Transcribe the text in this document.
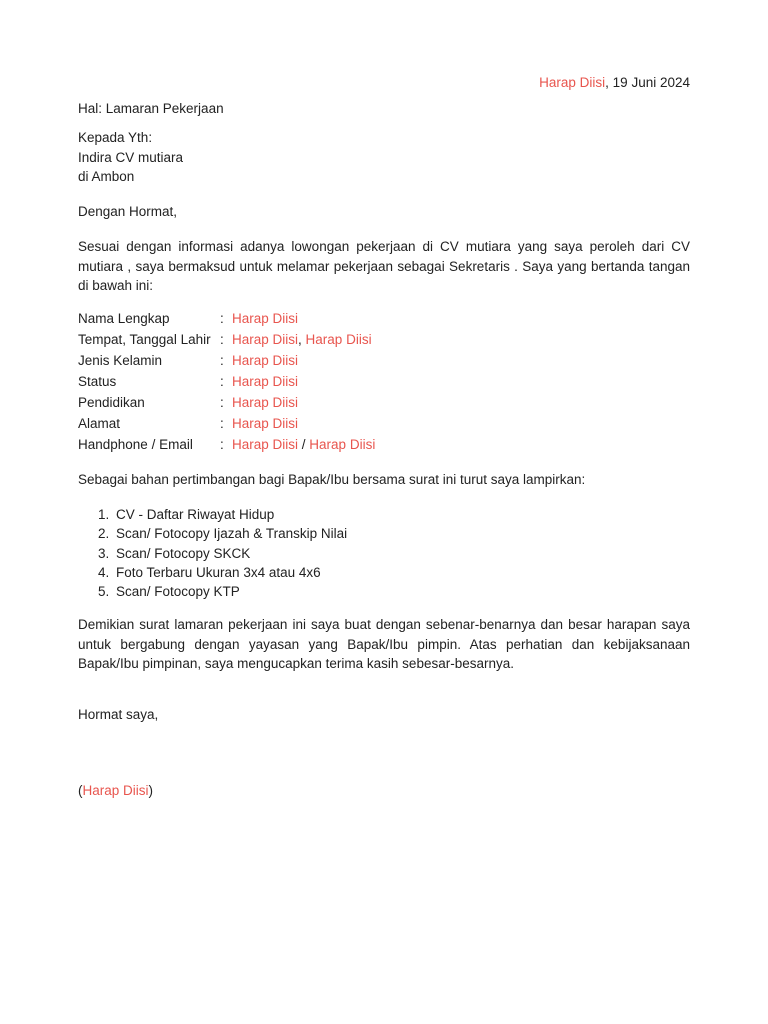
Harap Diisi, 19 Juni 2024
Hal: Lamaran Pekerjaan
Kepada Yth:
Indira CV mutiara
di Ambon
Dengan Hormat,

Sesuai dengan informasi adanya lowongan pekerjaan di CV mutiara yang saya peroleh dari CV mutiara , saya bermaksud untuk melamar pekerjaan sebagai Sekretaris . Saya yang bertanda tangan di bawah ini:

Nama Lengkap	:	Harap Diisi
Tempat, Tanggal Lahir	:	Harap Diisi, Harap Diisi
Jenis Kelamin	:	Harap Diisi
Status	:	Harap Diisi
Pendidikan	:	Harap Diisi
Alamat	:	Harap Diisi
Handphone / Email	:	Harap Diisi / Harap Diisi
Sebagai bahan pertimbangan bagi Bapak/Ibu bersama surat ini turut saya lampirkan:
1. CV - Daftar Riwayat Hidup
2. Scan/ Fotocopy Ijazah & Transkip Nilai
3. Scan/ Fotocopy SKCK
4. Foto Terbaru Ukuran 3x4 atau 4x6
5. Scan/ Fotocopy KTP

Demikian surat lamaran pekerjaan ini saya buat dengan sebenar-benarnya dan besar harapan saya untuk bergabung dengan yayasan yang Bapak/Ibu pimpin. Atas perhatian dan kebijaksanaan Bapak/Ibu pimpinan, saya mengucapkan terima kasih sebesar-besarnya.

Hormat saya,
(Harap Diisi)
